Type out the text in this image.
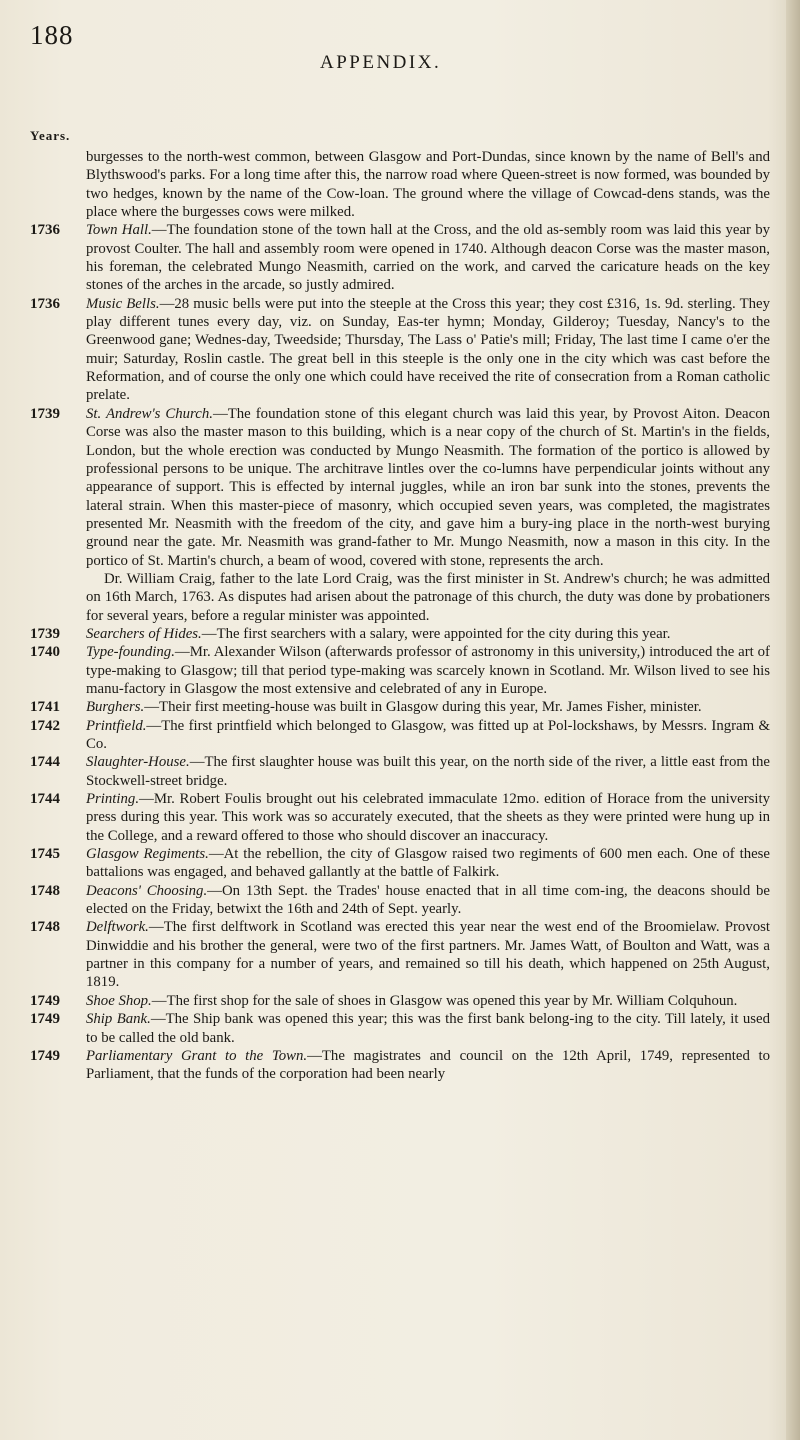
188
APPENDIX.
Years.

burgesses to the north-west common, between Glasgow and Port-Dundas, since known by the name of Bell's and Blythswood's parks. For a long time after this, the narrow road where Queen-street is now formed, was bounded by two hedges, known by the name of the Cow-loan. The ground where the village of Cowcad-dens stands, was the place where the burgesses cows were milked.

1736 Town Hall.—The foundation stone of the town hall at the Cross, and the old as-sembly room was laid this year by provost Coulter. The hall and assembly room were opened in 1740. Although deacon Corse was the master mason, his foreman, the celebrated Mungo Neasmith, carried on the work, and carved the caricature heads on the key stones of the arches in the arcade, so justly admired.

1736 Music Bells.—28 music bells were put into the steeple at the Cross this year; they cost £316, 1s. 9d. sterling. They play different tunes every day, viz. on Sunday, Eas-ter hymn; Monday, Gilderoy; Tuesday, Nancy's to the Greenwood gane; Wednes-day, Tweedside; Thursday, The Lass o' Patie's mill; Friday, The last time I came o'er the muir; Saturday, Roslin castle. The great bell in this steeple is the only one in the city which was cast before the Reformation, and of course the only one which could have received the rite of consecration from a Roman catholic prelate.

1739 St. Andrew's Church.—The foundation stone of this elegant church was laid this year, by Provost Aiton. Deacon Corse was also the master mason to this building, which is a near copy of the church of St. Martin's in the fields, London, but the whole erection was conducted by Mungo Neasmith. The formation of the portico is allowed by professional persons to be unique. The architrave lintles over the co-lumns have perpendicular joints without any appearance of support. This is effected by internal juggles, while an iron bar sunk into the stones, prevents the lateral strain. When this master-piece of masonry, which occupied seven years, was completed, the magistrates presented Mr. Neasmith with the freedom of the city, and gave him a bury-ing place in the north-west burying ground near the gate. Mr. Neasmith was grand-father to Mr. Mungo Neasmith, now a mason in this city. In the portico of St. Martin's church, a beam of wood, covered with stone, represents the arch.

Dr. William Craig, father to the late Lord Craig, was the first minister in St. Andrew's church; he was admitted on 16th March, 1763. As disputes had arisen about the patronage of this church, the duty was done by probationers for several years, before a regular minister was appointed.

1739 Searchers of Hides.—The first searchers with a salary, were appointed for the city during this year.

1740 Type-founding.—Mr. Alexander Wilson (afterwards professor of astronomy in this university,) introduced the art of type-making to Glasgow; till that period type-making was scarcely known in Scotland. Mr. Wilson lived to see his manu-factory in Glasgow the most extensive and celebrated of any in Europe.

1741 Burghers.—Their first meeting-house was built in Glasgow during this year, Mr. James Fisher, minister.

1742 Printfield.—The first printfield which belonged to Glasgow, was fitted up at Pol-lockshaws, by Messrs. Ingram & Co.

1744 Slaughter-House.—The first slaughter house was built this year, on the north side of the river, a little east from the Stockwell-street bridge.

1744 Printing.—Mr. Robert Foulis brought out his celebrated immaculate 12mo. edition of Horace from the university press during this year. This work was so accurately executed, that the sheets as they were printed were hung up in the College, and a reward offered to those who should discover an inaccuracy.

1745 Glasgow Regiments.—At the rebellion, the city of Glasgow raised two regiments of 600 men each. One of these battalions was engaged, and behaved gallantly at the battle of Falkirk.

1748 Deacons' Choosing.—On 13th Sept. the Trades' house enacted that in all time com-ing, the deacons should be elected on the Friday, betwixt the 16th and 24th of Sept. yearly.

1748 Delftwork.—The first delftwork in Scotland was erected this year near the west end of the Broomielaw. Provost Dinwiddie and his brother the general, were two of the first partners. Mr. James Watt, of Boulton and Watt, was a partner in this company for a number of years, and remained so till his death, which happened on 25th August, 1819.

1749 Shoe Shop.—The first shop for the sale of shoes in Glasgow was opened this year by Mr. William Colquhoun.

1749 Ship Bank.—The Ship bank was opened this year; this was the first bank belong-ing to the city. Till lately, it used to be called the old bank.

1749 Parliamentary Grant to the Town.—The magistrates and council on the 12th April, 1749, represented to Parliament, that the funds of the corporation had been nearly
